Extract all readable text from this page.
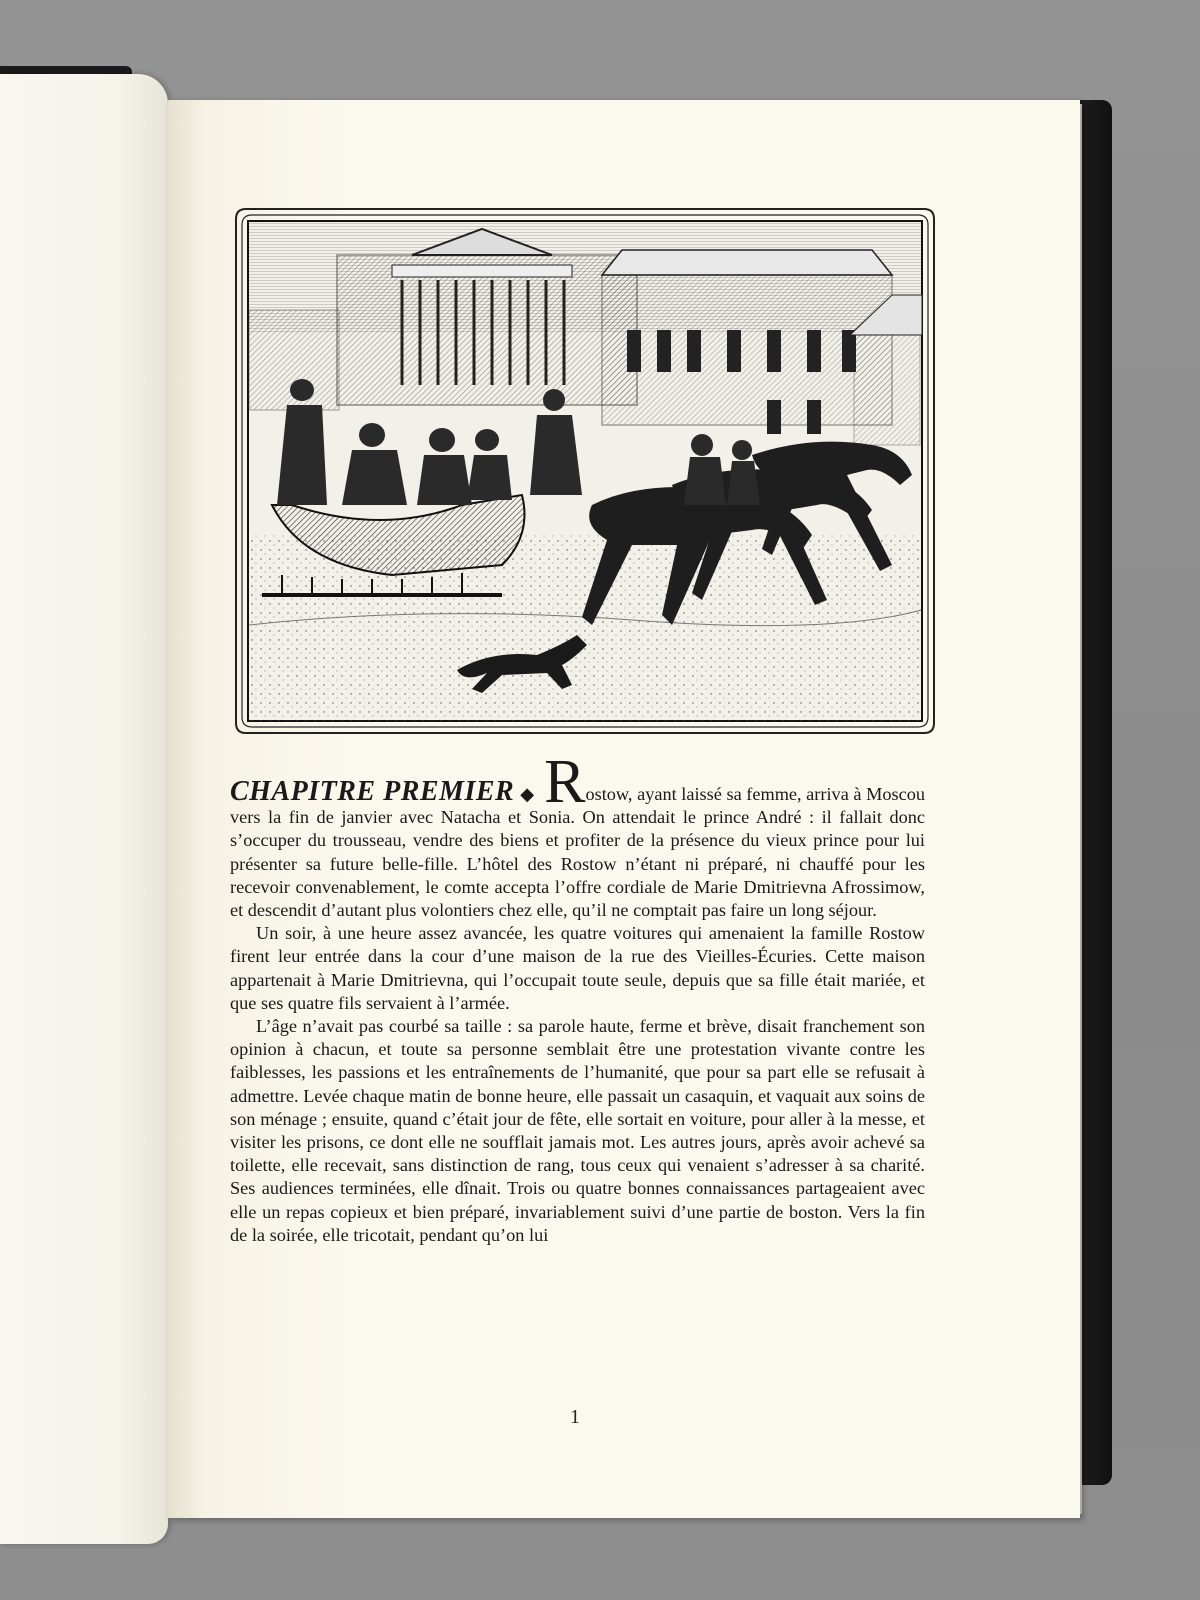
CHAPITRE PREMIER ◆ Rostow, ayant laissé sa femme, arriva à Moscou vers la fin de janvier avec Natacha et Sonia. On attendait le prince André : il fallait donc s’occuper du trousseau, vendre des biens et profiter de la présence du vieux prince pour lui présenter sa future belle-fille. L’hôtel des Rostow n’étant ni préparé, ni chauffé pour les recevoir convenablement, le comte accepta l’offre cordiale de Marie Dmitrievna Afrossimow, et descendit d’autant plus volontiers chez elle, qu’il ne comptait pas faire un long séjour.

Un soir, à une heure assez avancée, les quatre voitures qui amenaient la famille Rostow firent leur entrée dans la cour d’une maison de la rue des Vieilles-Écuries. Cette maison appartenait à Marie Dmitrievna, qui l’occupait toute seule, depuis que sa fille était mariée, et que ses quatre fils servaient à l’armée.

L’âge n’avait pas courbé sa taille : sa parole haute, ferme et brève, disait franchement son opinion à chacun, et toute sa personne semblait être une protestation vivante contre les faiblesses, les passions et les entraînements de l’humanité, que pour sa part elle se refusait à admettre. Levée chaque matin de bonne heure, elle passait un casaquin, et vaquait aux soins de son ménage ; ensuite, quand c’était jour de fête, elle sortait en voiture, pour aller à la messe, et visiter les prisons, ce dont elle ne soufflait jamais mot. Les autres jours, après avoir achevé sa toilette, elle recevait, sans distinction de rang, tous ceux qui venaient s’adresser à sa charité. Ses audiences terminées, elle dînait. Trois ou quatre bonnes connaissances partageaient avec elle un repas copieux et bien préparé, invariablement suivi d’une partie de boston. Vers la fin de la soirée, elle tricotait, pendant qu’on lui

1
